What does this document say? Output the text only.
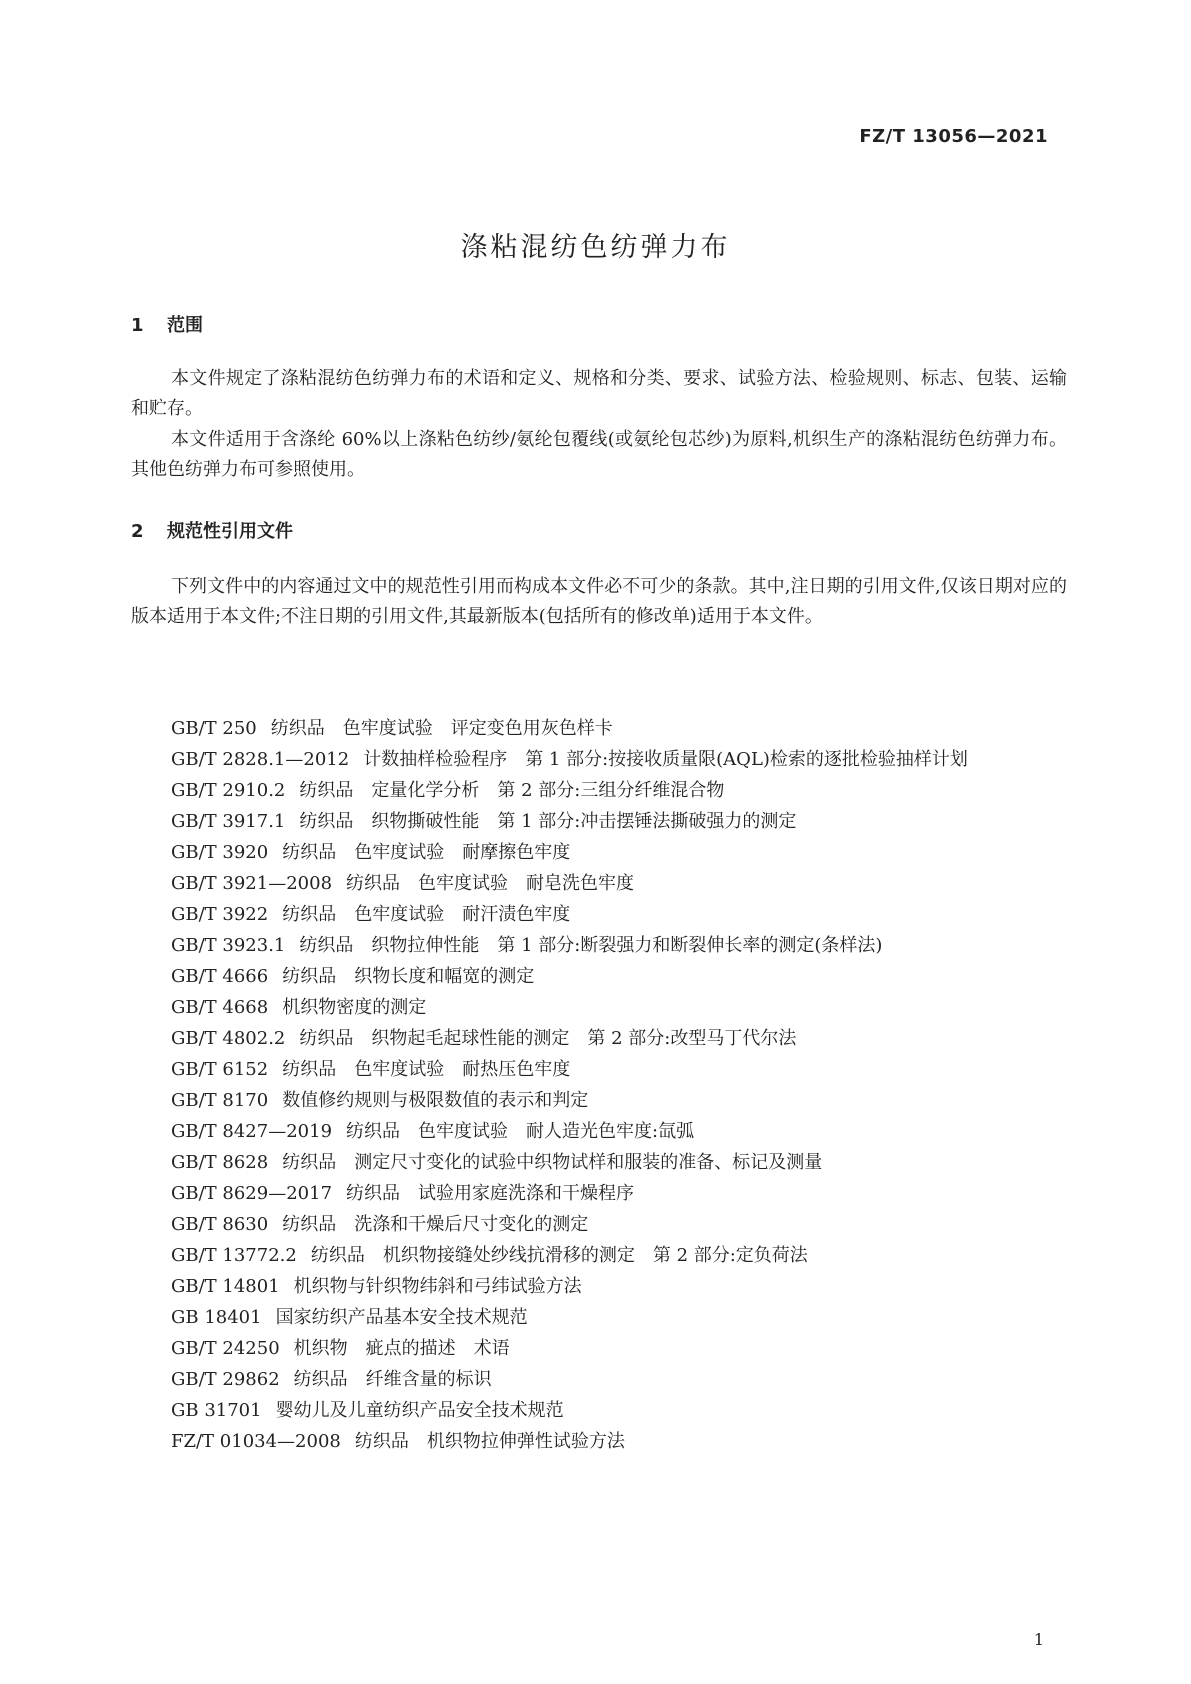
FZ/T 13056—2021
涤粘混纺色纺弹力布
1 范围

本文件规定了涤粘混纺色纺弹力布的术语和定义、规格和分类、要求、试验方法、检验规则、标志、包装、运输和贮存。

本文件适用于含涤纶 60%以上涤粘色纺纱/氨纶包覆线(或氨纶包芯纱)为原料,机织生产的涤粘混纺色纺弹力布。其他色纺弹力布可参照使用。

2 规范性引用文件

下列文件中的内容通过文中的规范性引用而构成本文件必不可少的条款。其中,注日期的引用文件,仅该日期对应的版本适用于本文件;不注日期的引用文件,其最新版本(包括所有的修改单)适用于本文件。

GB/T 250 纺织品　色牢度试验　评定变色用灰色样卡
GB/T 2828.1—2012 计数抽样检验程序　第 1 部分:按接收质量限(AQL)检索的逐批检验抽样计划
GB/T 2910.2 纺织品　定量化学分析　第 2 部分:三组分纤维混合物
GB/T 3917.1 纺织品　织物撕破性能　第 1 部分:冲击摆锤法撕破强力的测定
GB/T 3920 纺织品　色牢度试验　耐摩擦色牢度
GB/T 3921—2008 纺织品　色牢度试验　耐皂洗色牢度
GB/T 3922 纺织品　色牢度试验　耐汗渍色牢度
GB/T 3923.1 纺织品　织物拉伸性能　第 1 部分:断裂强力和断裂伸长率的测定(条样法)
GB/T 4666 纺织品　织物长度和幅宽的测定
GB/T 4668 机织物密度的测定
GB/T 4802.2 纺织品　织物起毛起球性能的测定　第 2 部分:改型马丁代尔法
GB/T 6152 纺织品　色牢度试验　耐热压色牢度
GB/T 8170 数值修约规则与极限数值的表示和判定
GB/T 8427—2019 纺织品　色牢度试验　耐人造光色牢度:氙弧
GB/T 8628 纺织品　测定尺寸变化的试验中织物试样和服装的准备、标记及测量
GB/T 8629—2017 纺织品　试验用家庭洗涤和干燥程序
GB/T 8630 纺织品　洗涤和干燥后尺寸变化的测定
GB/T 13772.2 纺织品　机织物接缝处纱线抗滑移的测定　第 2 部分:定负荷法
GB/T 14801 机织物与针织物纬斜和弓纬试验方法
GB 18401 国家纺织产品基本安全技术规范
GB/T 24250 机织物　疵点的描述　术语
GB/T 29862 纺织品　纤维含量的标识
GB 31701 婴幼儿及儿童纺织产品安全技术规范
FZ/T 01034—2008 纺织品　机织物拉伸弹性试验方法
1
